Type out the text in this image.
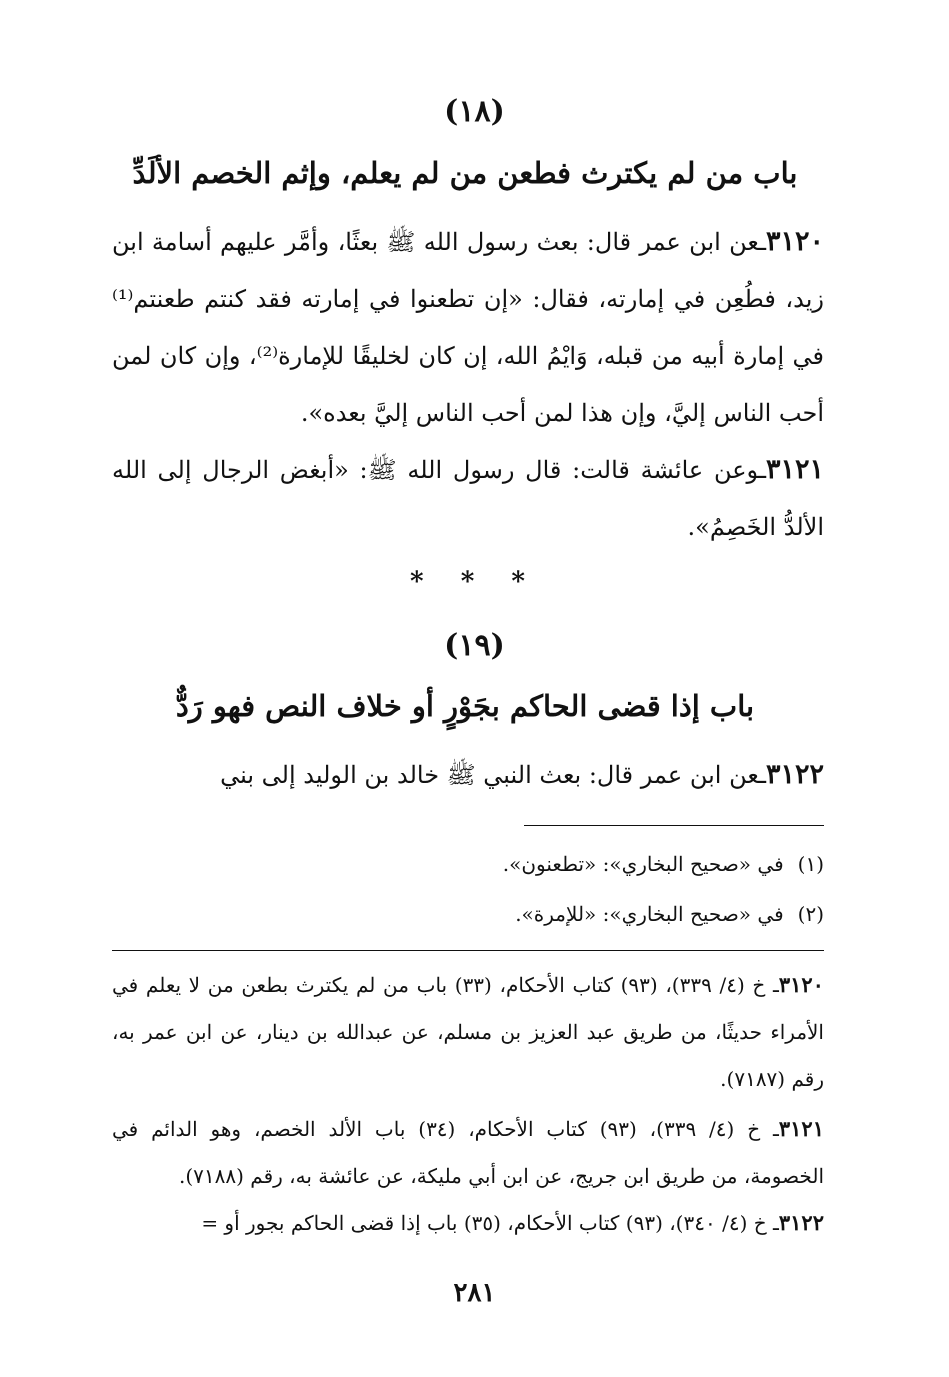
(١٨)
باب من لم يكترث فطعن من لم يعلم، وإثم الخصم الألَدِّ

٣١٢٠ـعن ابن عمر قال: بعث رسول الله ﷺ بعثًا، وأمَّر عليهم أسامة ابن زيد، فطُعِن في إمارته، فقال: «إن تطعنوا في إمارته فقد كنتم طعنتم⁽¹⁾ في إمارة أبيه من قبله، وَايْمُ الله، إن كان لخليقًا للإمارة⁽²⁾، وإن كان لمن أحب الناس إليَّ، وإن هذا لمن أحب الناس إليَّ بعده».

٣١٢١ـوعن عائشة قالت: قال رسول الله ﷺ: «أبغض الرجال إلى الله الألدُّ الخَصِمُ».

* * *
(١٩)
باب إذا قضى الحاكم بجَوْرٍ أو خلاف النص فهو رَدٌّ

٣١٢٢ـعن ابن عمر قال: بعث النبي ﷺ خالد بن الوليد إلى بني

(١)في «صحيح البخاري»: «تطعنون».

(٢)في «صحيح البخاري»: «للإمرة».

٣١٢٠ـ خ (٤/ ٣٣٩)، (٩٣) كتاب الأحكام، (٣٣) باب من لم يكترث بطعن من لا يعلم في الأمراء حديثًا، من طريق عبد العزيز بن مسلم، عن عبدالله بن دينار، عن ابن عمر به، رقم (٧١٨٧).

٣١٢١ـ خ (٤/ ٣٣٩)، (٩٣) كتاب الأحكام، (٣٤) باب الألد الخصم، وهو الدائم في الخصومة، من طريق ابن جريج، عن ابن أبي مليكة، عن عائشة به، رقم (٧١٨٨).

٣١٢٢ـ خ (٤/ ٣٤٠)، (٩٣) كتاب الأحكام، (٣٥) باب إذا قضى الحاكم بجور أو =

٢٨١
